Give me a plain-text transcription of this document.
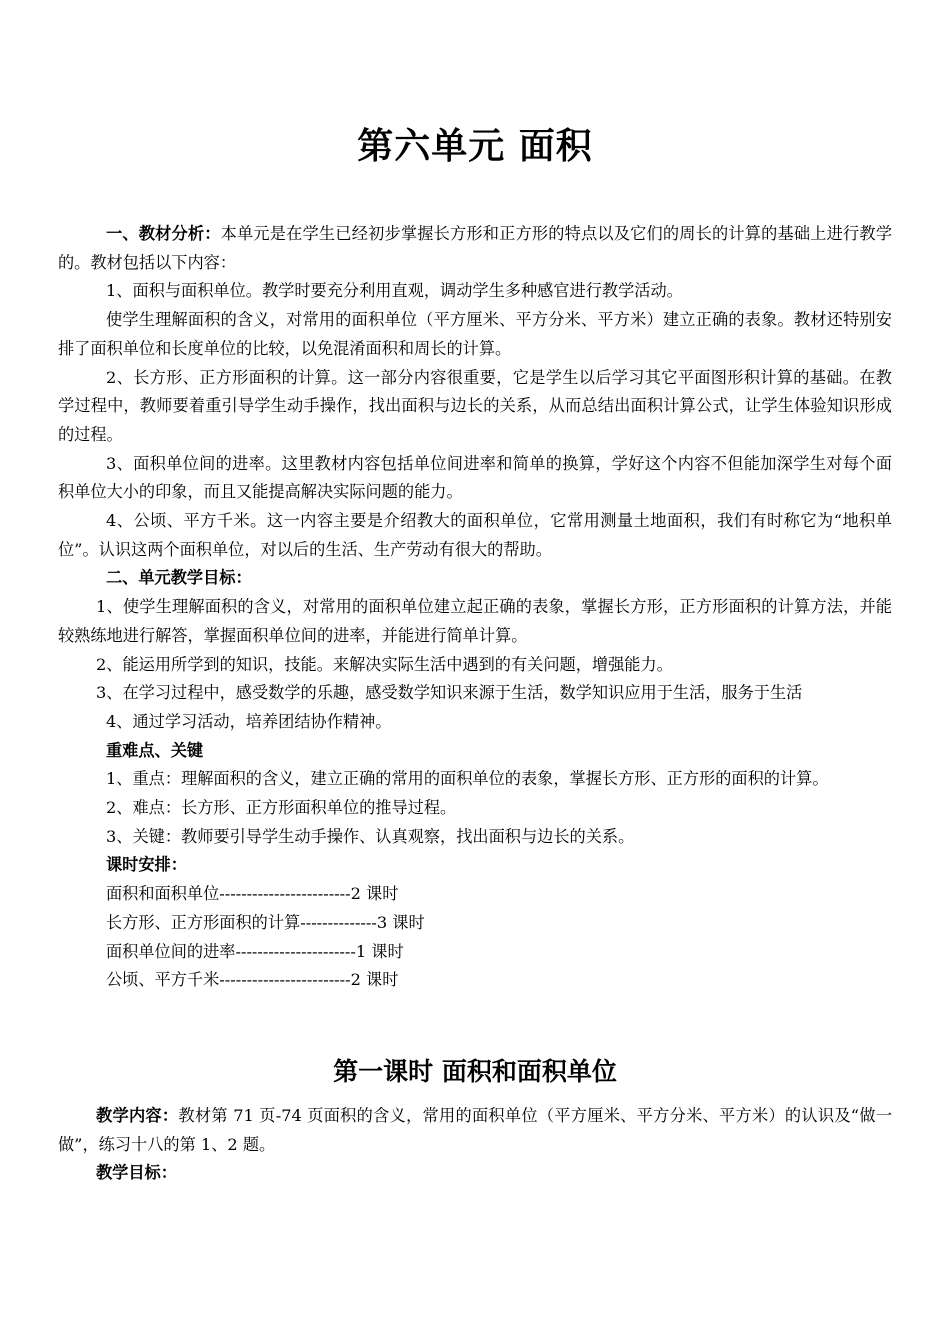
第六单元 面积

一、教材分析：本单元是在学生已经初步掌握长方形和正方形的特点以及它们的周长的计算的基础上进行教学的。教材包括以下内容：

1、面积与面积单位。教学时要充分利用直观，调动学生多种感官进行教学活动。

使学生理解面积的含义，对常用的面积单位（平方厘米、平方分米、平方米）建立正确的表象。教材还特别安排了面积单位和长度单位的比较，以免混淆面积和周长的计算。

2、长方形、正方形面积的计算。这一部分内容很重要，它是学生以后学习其它平面图形积计算的基础。在教学过程中，教师要着重引导学生动手操作，找出面积与边长的关系，从而总结出面积计算公式，让学生体验知识形成的过程。

3、面积单位间的进率。这里教材内容包括单位间进率和简单的换算，学好这个内容不但能加深学生对每个面积单位大小的印象，而且又能提高解决实际问题的能力。

4、公顷、平方千米。这一内容主要是介绍教大的面积单位，它常用测量土地面积，我们有时称它为“地积单位”。认识这两个面积单位，对以后的生活、生产劳动有很大的帮助。

二、单元教学目标：

1、使学生理解面积的含义，对常用的面积单位建立起正确的表象，掌握长方形，正方形面积的计算方法，并能较熟练地进行解答，掌握面积单位间的进率，并能进行简单计算。

2、能运用所学到的知识，技能。来解决实际生活中遇到的有关问题，增强能力。

3、在学习过程中，感受数学的乐趣，感受数学知识来源于生活，数学知识应用于生活，服务于生活

4、通过学习活动，培养团结协作精神。

重难点、关键

1、重点：理解面积的含义，建立正确的常用的面积单位的表象，掌握长方形、正方形的面积的计算。

2、难点：长方形、正方形面积单位的推导过程。

3、关键：教师要引导学生动手操作、认真观察，找出面积与边长的关系。

课时安排：

面积和面积单位------------------------2 课时

长方形、正方形面积的计算--------------3 课时

面积单位间的进率----------------------1 课时

公顷、平方千米------------------------2 课时

第一课时 面积和面积单位

教学内容：教材第 71 页-74 页面积的含义，常用的面积单位（平方厘米、平方分米、平方米）的认识及“做一做”，练习十八的第 1、2 题。

教学目标：
